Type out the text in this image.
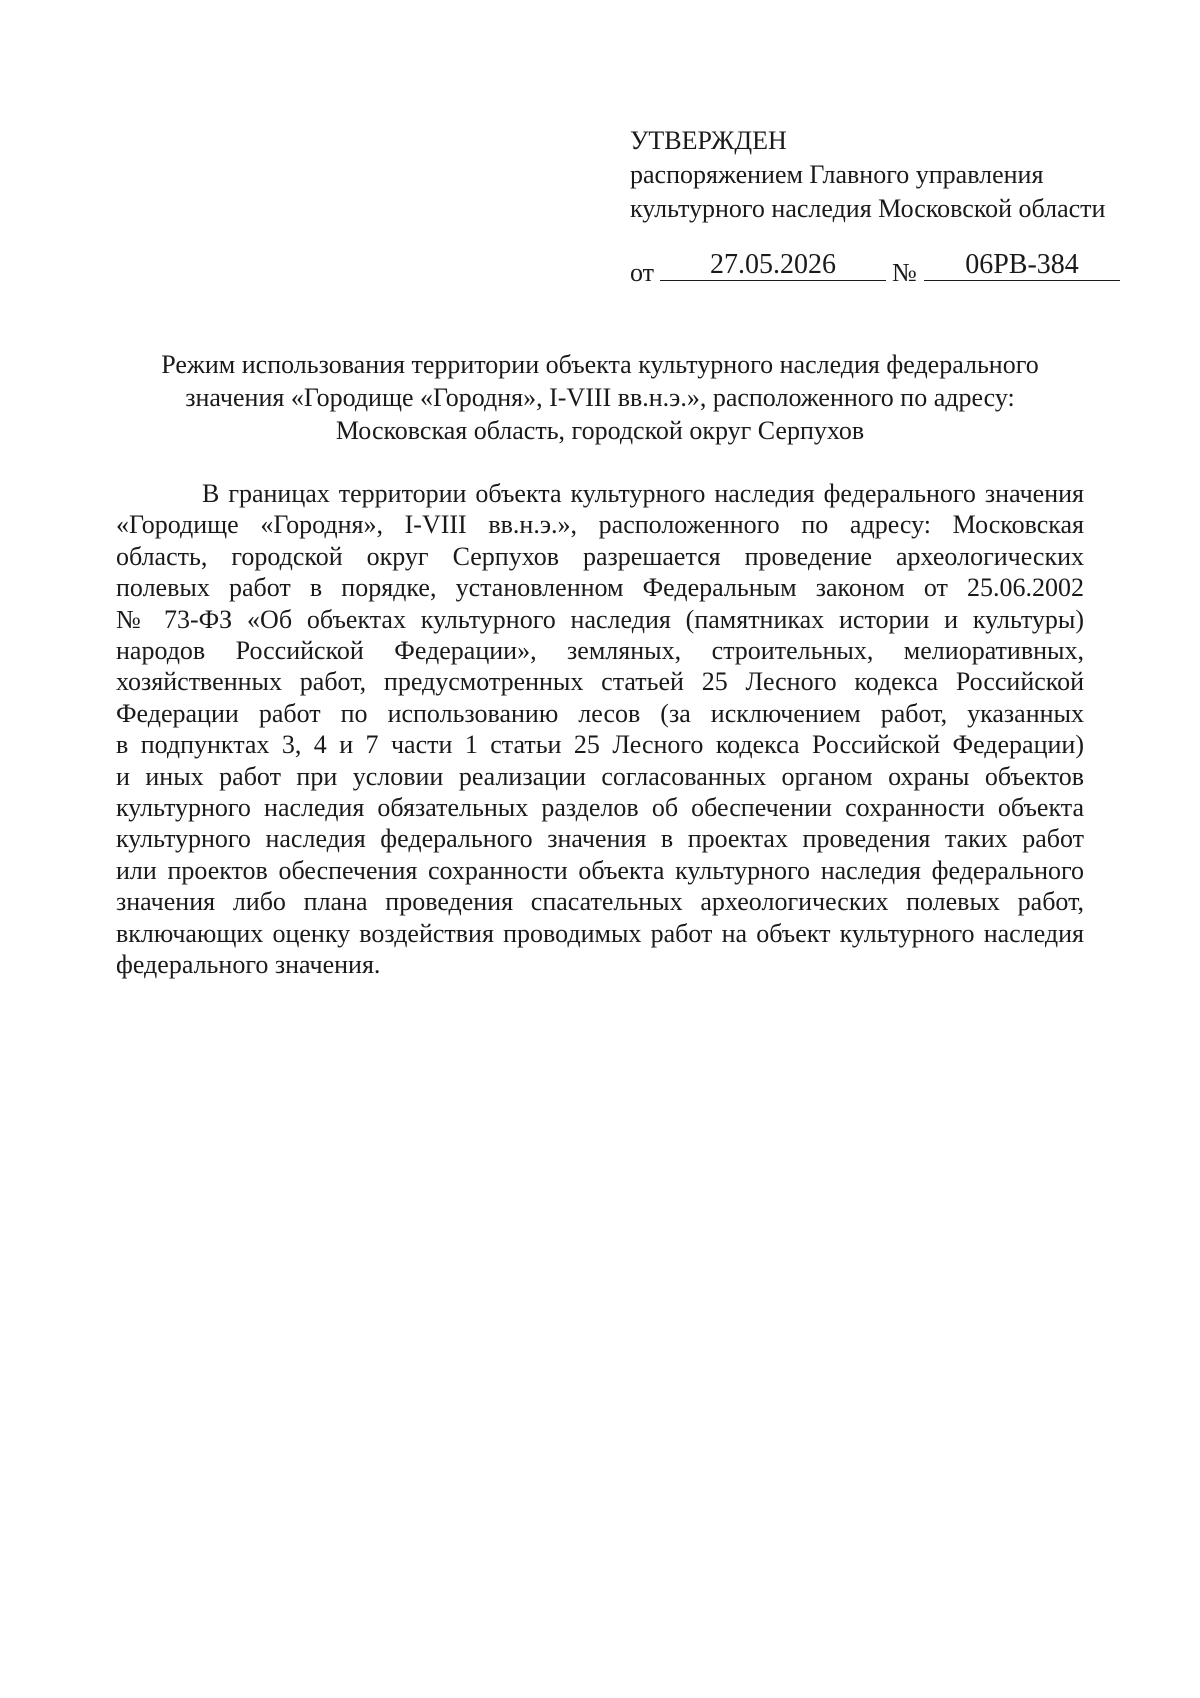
УТВЕРЖДЕН
распоряжением Главного управления
культурного наследия Московской области
от	27.05.2026	№	06РВ-384
Режим использования территории объекта культурного наследия федерального
значения «Городище «Городня», I-VIII вв.н.э.», расположенного по адресу:
Московская область, городской округ Серпухов
В границах территории объекта культурного наследия федерального значения
«Городище «Городня», I-VIII вв.н.э.», расположенного по адресу: Московская
область, городской округ Серпухов разрешается проведение археологических
полевых работ в порядке, установленном Федеральным законом от 25.06.2002
№ 73-ФЗ «Об объектах культурного наследия (памятниках истории и культуры)
народов Российской Федерации», земляных, строительных, мелиоративных,
хозяйственных работ, предусмотренных статьей 25 Лесного кодекса Российской
Федерации работ по использованию лесов (за исключением работ, указанных
в подпунктах 3, 4 и 7 части 1 статьи 25 Лесного кодекса Российской Федерации)
и иных работ при условии реализации согласованных органом охраны объектов
культурного наследия обязательных разделов об обеспечении сохранности объекта
культурного наследия федерального значения в проектах проведения таких работ
или проектов обеспечения сохранности объекта культурного наследия федерального
значения либо плана проведения спасательных археологических полевых работ,
включающих оценку воздействия проводимых работ на объект культурного наследия
федерального значения.
